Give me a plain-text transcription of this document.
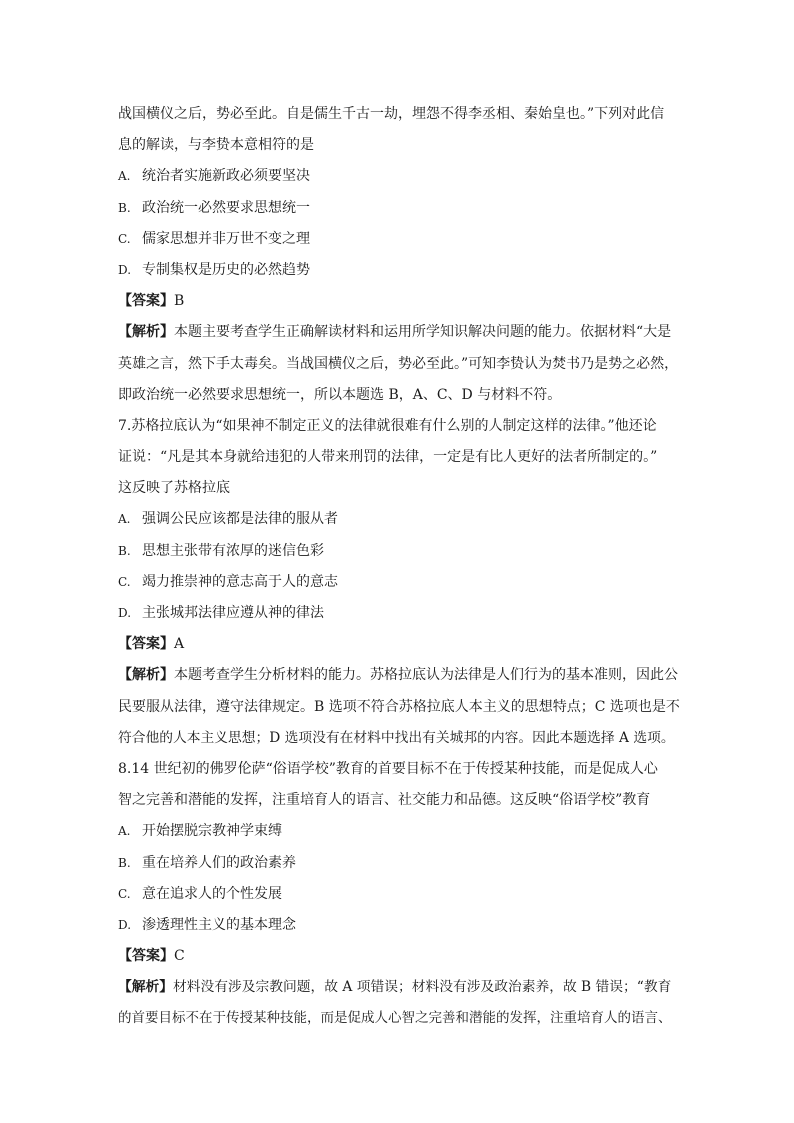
战国横仪之后，势必至此。自是儒生千古一劫，埋怨不得李丞相、秦始皇也。”下列对此信
息的解读，与李贽本意相符的是
A. 统治者实施新政必须要坚决
B. 政治统一必然要求思想统一
C. 儒家思想并非万世不变之理
D. 专制集权是历史的必然趋势
【答案】B
【解析】本题主要考查学生正确解读材料和运用所学知识解决问题的能力。依据材料“大是
英雄之言，然下手太毒矣。当战国横仪之后，势必至此。”可知李贽认为焚书乃是势之必然，
即政治统一必然要求思想统一，所以本题选 B，A、C、D 与材料不符。
7.苏格拉底认为“如果神不制定正义的法律就很难有什么别的人制定这样的法律。”他还论
证说：“凡是其本身就给违犯的人带来刑罚的法律，一定是有比人更好的法者所制定的。”
这反映了苏格拉底
A. 强调公民应该都是法律的服从者
B. 思想主张带有浓厚的迷信色彩
C. 竭力推崇神的意志高于人的意志
D. 主张城邦法律应遵从神的律法
【答案】A
【解析】本题考查学生分析材料的能力。苏格拉底认为法律是人们行为的基本准则，因此公
民要服从法律，遵守法律规定。B 选项不符合苏格拉底人本主义的思想特点；C 选项也是不
符合他的人本主义思想；D 选项没有在材料中找出有关城邦的内容。因此本题选择 A 选项。
8.14 世纪初的佛罗伦萨“俗语学校”教育的首要目标不在于传授某种技能，而是促成人心
智之完善和潜能的发挥，注重培育人的语言、社交能力和品德。这反映“俗语学校”教育
A. 开始摆脱宗教神学束缚
B. 重在培养人们的政治素养
C. 意在追求人的个性发展
D. 渗透理性主义的基本理念
【答案】C
【解析】材料没有涉及宗教问题，故 A 项错误；材料没有涉及政治素养，故 B 错误；“教育
的首要目标不在于传授某种技能，而是促成人心智之完善和潜能的发挥，注重培育人的语言、
